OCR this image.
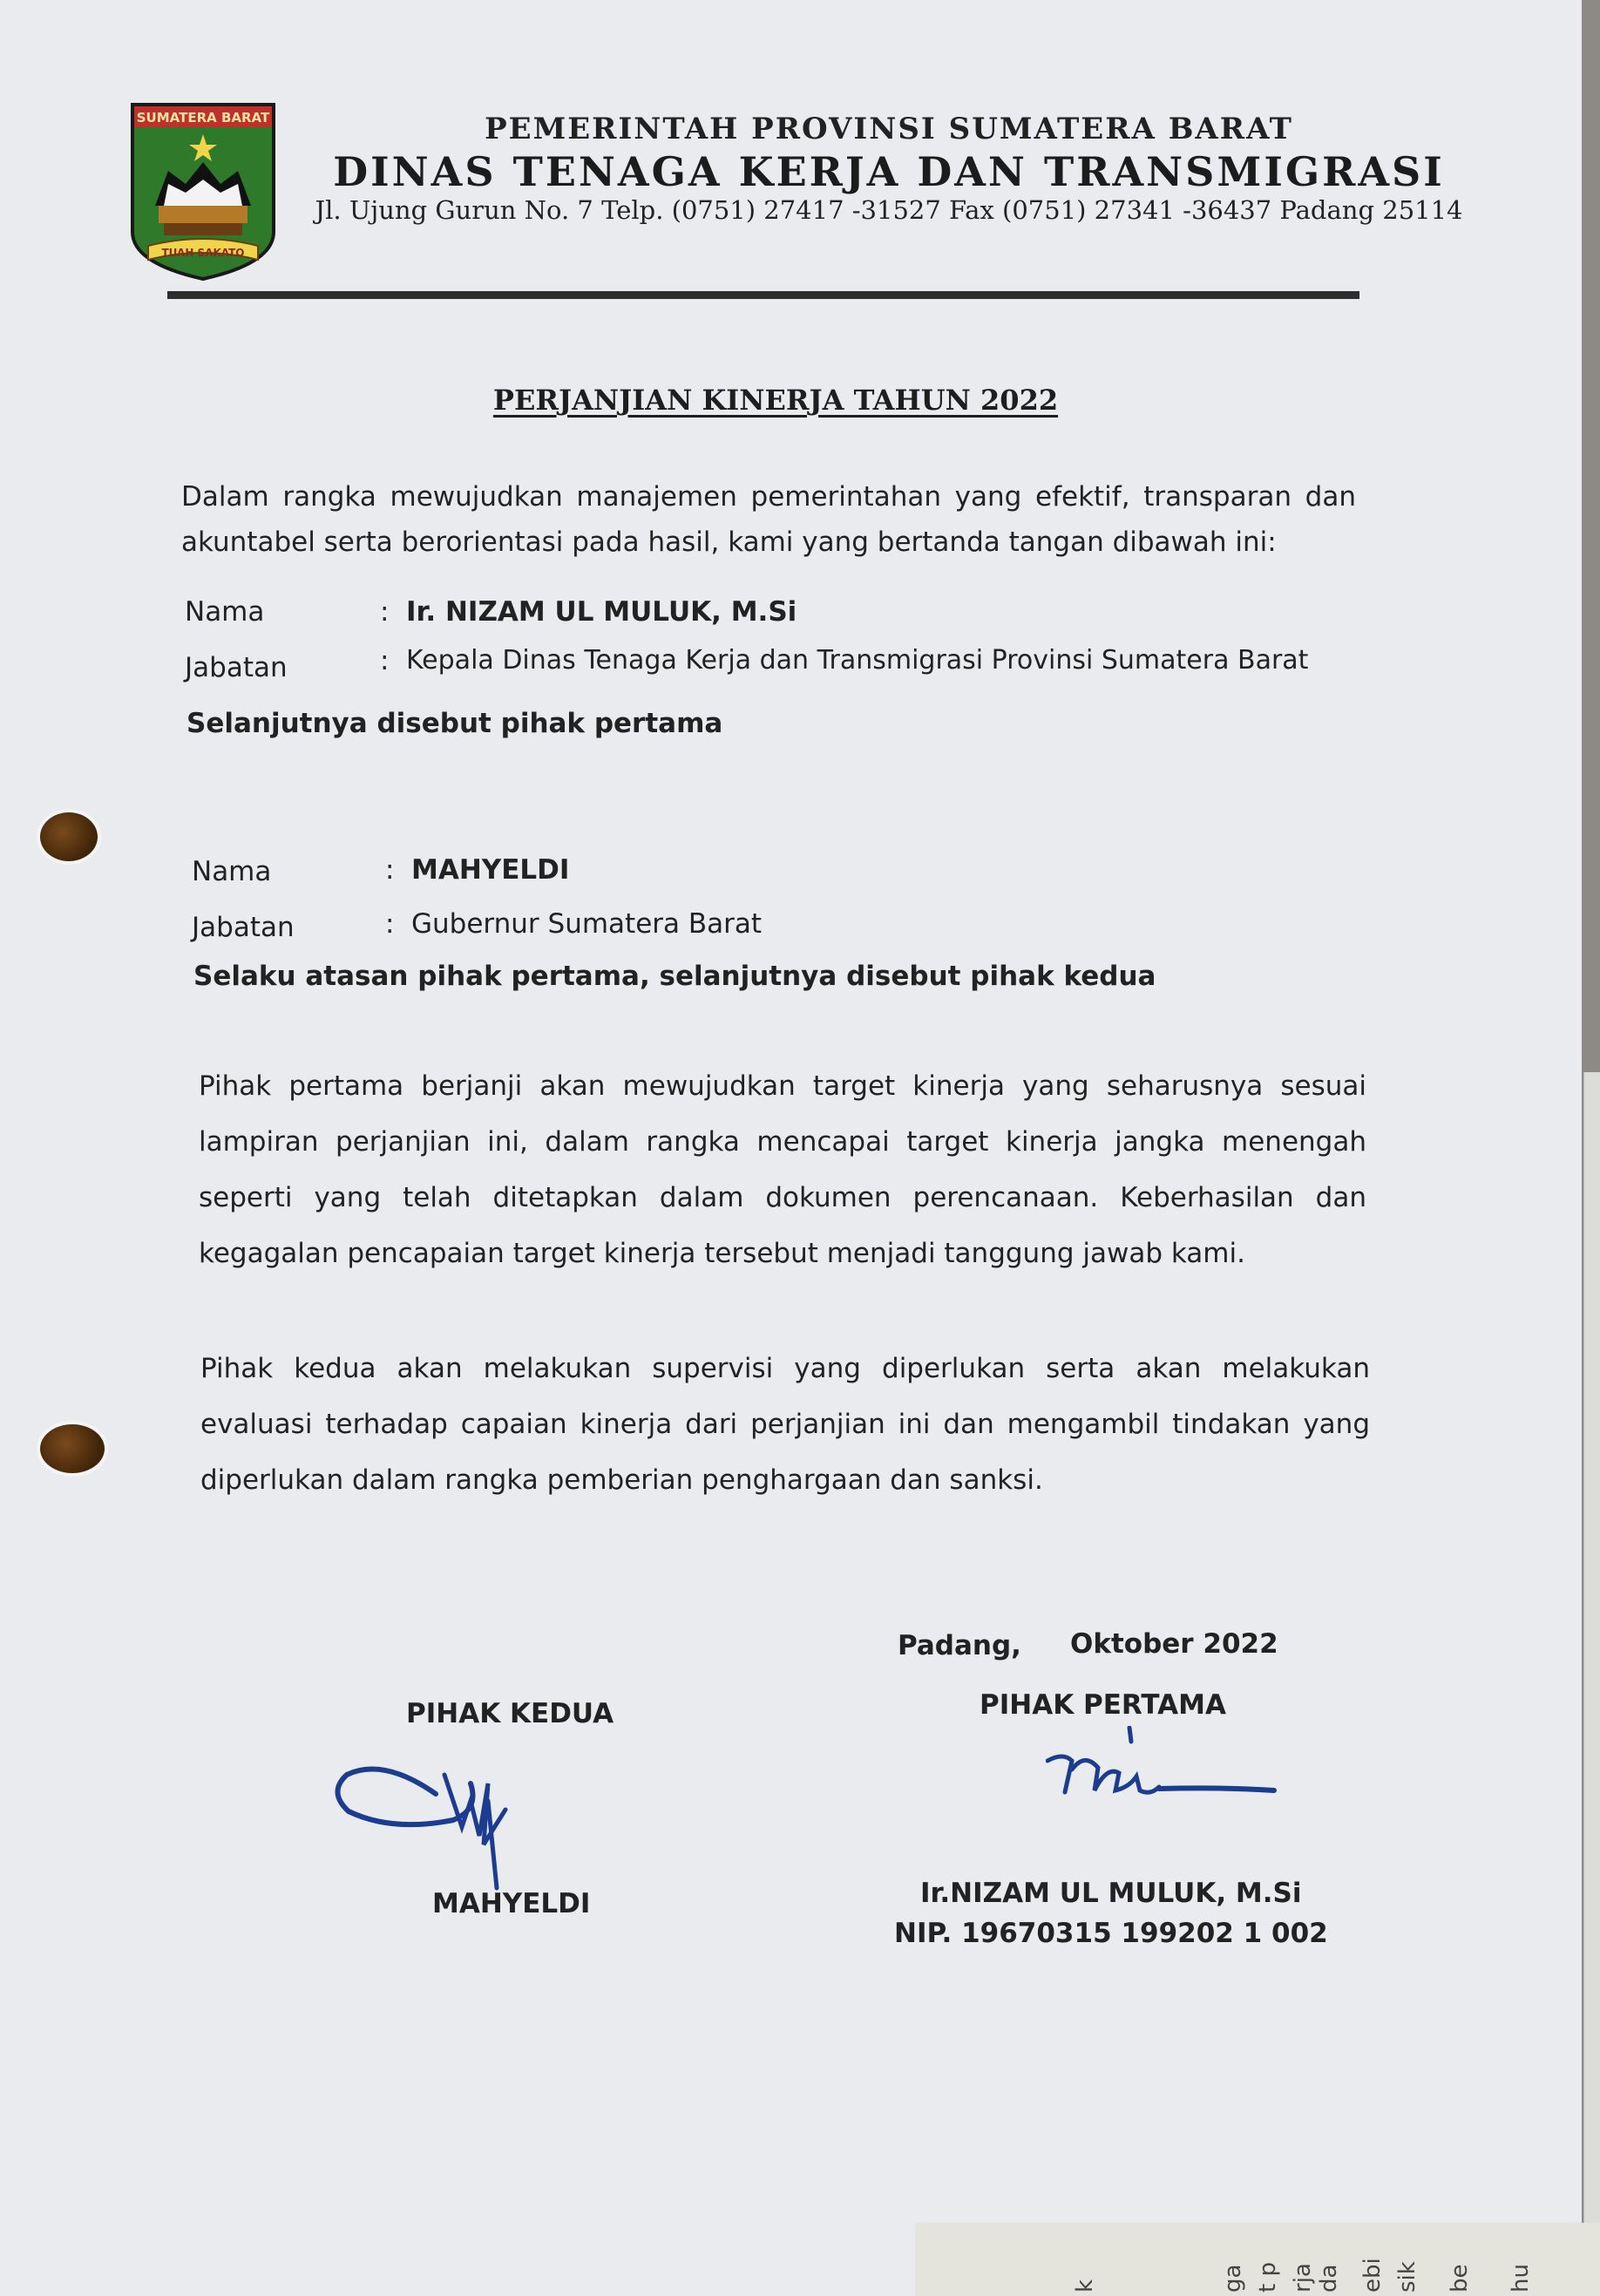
k	ga t p rja da ebi sik be hu
SUMATERA BARAT
TUAH SAKATO
PEMERINTAH PROVINSI SUMATERA BARAT
DINAS TENAGA KERJA DAN TRANSMIGRASI
Jl. Ujung Gurun No. 7 Telp. (0751) 27417 -31527 Fax (0751) 27341 -36437 Padang 25114
PERJANJIAN KINERJA TAHUN 2022
Dalam rangka mewujudkan manajemen pemerintahan yang efektif, transparan dan akuntabel serta berorientasi pada hasil, kami yang bertanda tangan dibawah ini:
Nama	: Ir. NIZAM UL MULUK, M.Si
Jabatan	: Kepala Dinas Tenaga Kerja dan Transmigrasi Provinsi Sumatera Barat
Selanjutnya disebut pihak pertama
Nama	: MAHYELDI
Jabatan	: Gubernur Sumatera Barat
Selaku atasan pihak pertama, selanjutnya disebut pihak kedua
Pihak pertama berjanji akan mewujudkan target kinerja yang seharusnya sesuai
lampiran perjanjian ini, dalam rangka mencapai target kinerja jangka menengah
seperti yang telah ditetapkan dalam dokumen perencanaan. Keberhasilan dan
kegagalan pencapaian target kinerja tersebut menjadi tanggung jawab kami.
Pihak kedua akan melakukan supervisi yang diperlukan serta akan melakukan
evaluasi terhadap capaian kinerja dari perjanjian ini dan mengambil tindakan yang
diperlukan dalam rangka pemberian penghargaan dan sanksi.
Padang, Oktober 2022
PIHAK KEDUA	PIHAK PERTAMA
MAHYELDI	Ir.NIZAM UL MULUK, M.Si
NIP. 19670315 199202 1 002
